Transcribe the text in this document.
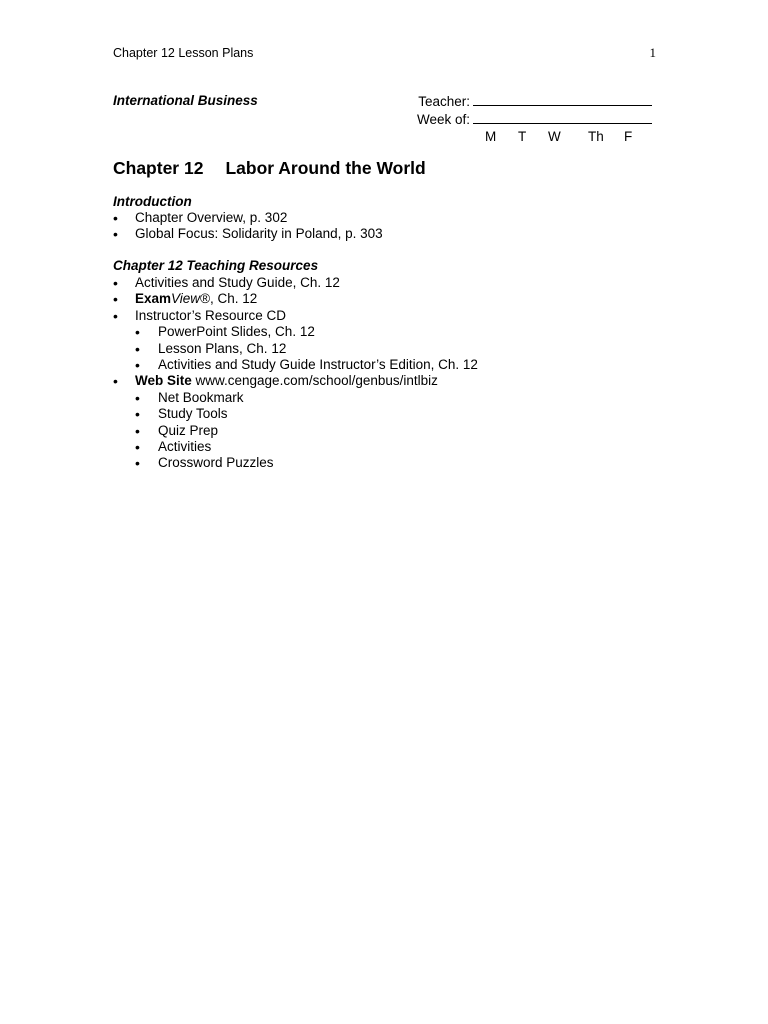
Chapter 12 Lesson Plans	1
International Business	Teacher:
Week of:
M	T	W	Th	F
Chapter 12 Labor Around the World
Introduction
• Chapter Overview, p. 302
• Global Focus: Solidarity in Poland, p. 303
Chapter 12 Teaching Resources
• Activities and Study Guide, Ch. 12
• ExamView®, Ch. 12
• Instructor’s Resource CD
• PowerPoint Slides, Ch. 12
• Lesson Plans, Ch. 12
• Activities and Study Guide Instructor’s Edition, Ch. 12
• Web Site www.cengage.com/school/genbus/intlbiz
• Net Bookmark
• Study Tools
• Quiz Prep
• Activities
• Crossword Puzzles
